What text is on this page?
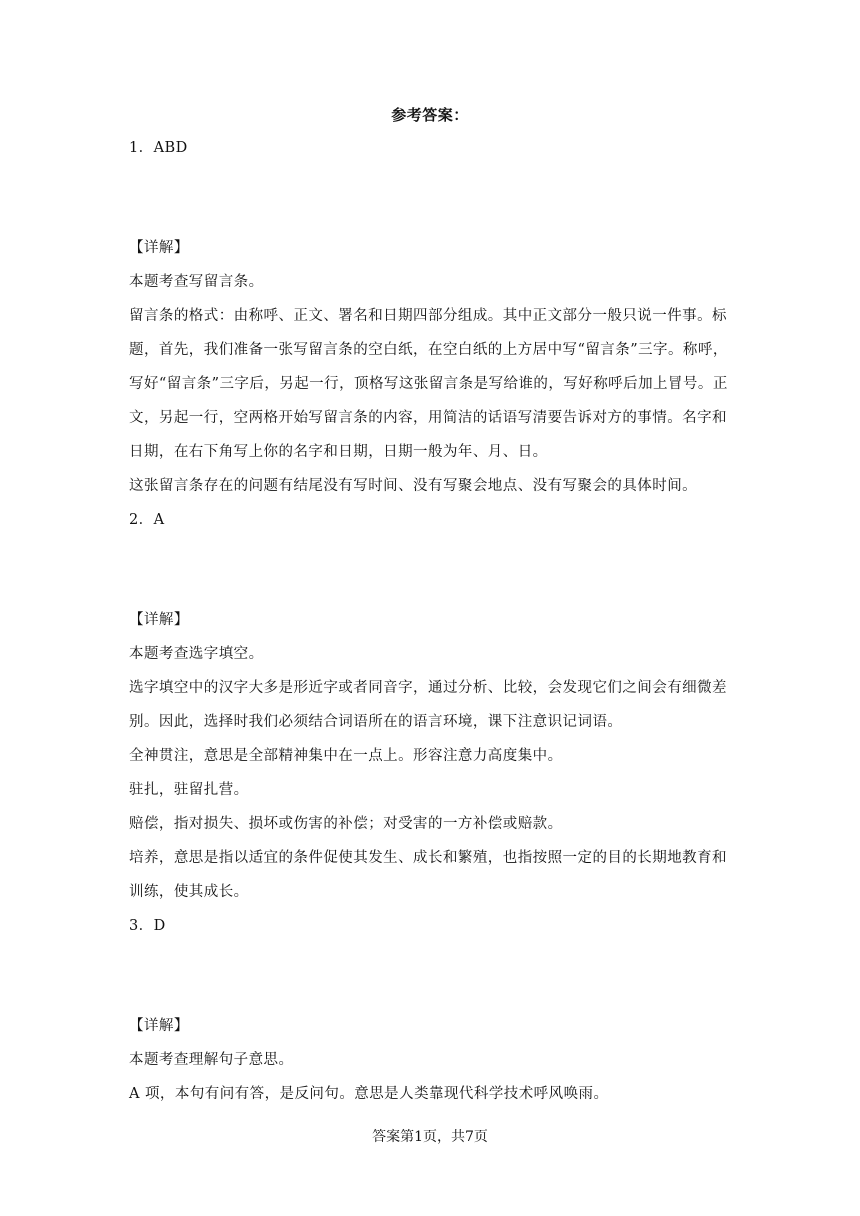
参考答案：
1．ABD
【详解】
本题考查写留言条。
留言条的格式：由称呼、正文、署名和日期四部分组成。其中正文部分一般只说一件事。标
题，首先，我们准备一张写留言条的空白纸，在空白纸的上方居中写“留言条”三字。称呼，
写好“留言条”三字后，另起一行，顶格写这张留言条是写给谁的，写好称呼后加上冒号。正
文，另起一行，空两格开始写留言条的内容，用简洁的话语写清要告诉对方的事情。名字和
日期，在右下角写上你的名字和日期，日期一般为年、月、日。
这张留言条存在的问题有结尾没有写时间、没有写聚会地点、没有写聚会的具体时间。
2．A
【详解】
本题考查选字填空。
选字填空中的汉字大多是形近字或者同音字，通过分析、比较，会发现它们之间会有细微差
别。因此，选择时我们必须结合词语所在的语言环境，课下注意识记词语。
全神贯注，意思是全部精神集中在一点上。形容注意力高度集中。
驻扎，驻留扎营。
赔偿，指对损失、损坏或伤害的补偿；对受害的一方补偿或赔款。
培养，意思是指以适宜的条件促使其发生、成长和繁殖，也指按照一定的目的长期地教育和
训练，使其成长。
3．D
【详解】
本题考查理解句子意思。
A 项，本句有问有答，是反问句。意思是人类靠现代科学技术呼风唤雨。
答案第1页，共7页
